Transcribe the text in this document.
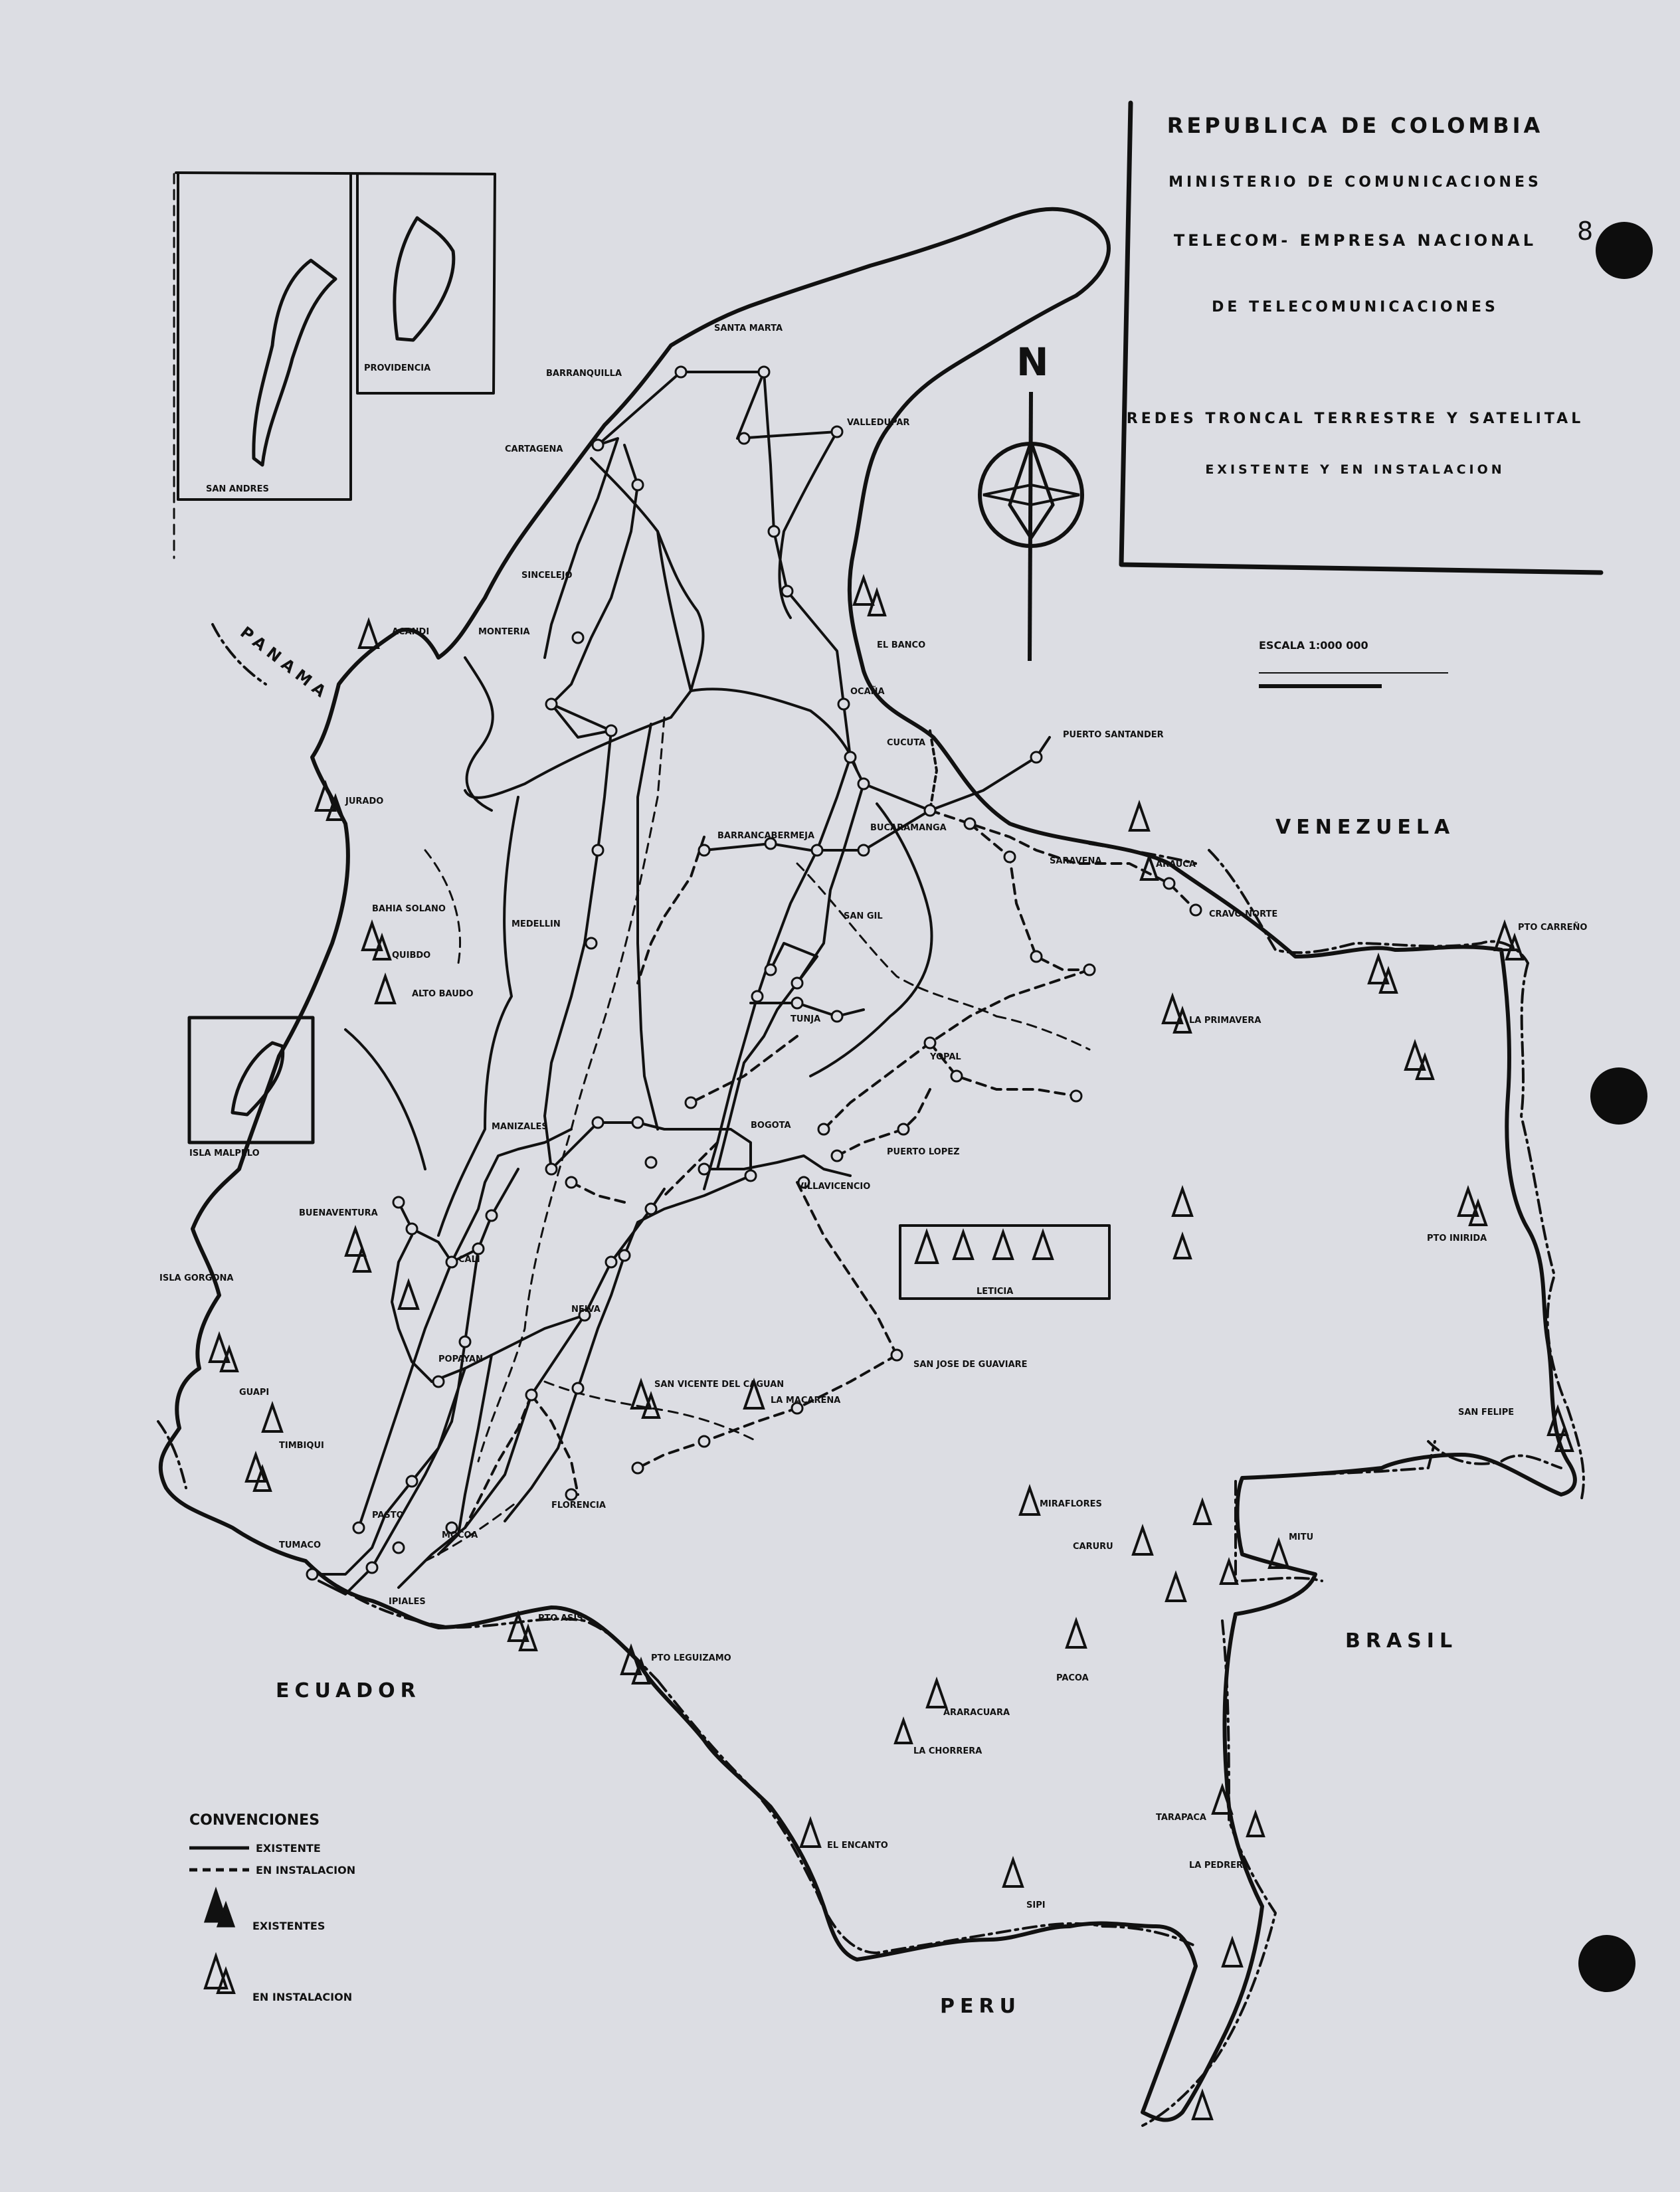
8
REPUBLICA DE COLOMBIA
MINISTERIO DE COMUNICACIONES
TELECOM- EMPRESA NACIONAL
DE TELECOMUNICACIONES
REDES TRONCAL TERRESTRE Y SATELITAL
EXISTENTE Y EN INSTALACION
N
ESCALA 1:000 000
PANAMA
VENEZUELA
ECUADOR
BRASIL
PERU
SAN ANDRES
PROVIDENCIA
ISLA MALPELO
ISLA GORGONA
LETICIA
SANTA MARTA
BARRANQUILLA
CARTAGENA
VALLEDUPAR
SINCELEJO
MONTERIA
ACANDI
EL BANCO
OCAÑA
CUCUTA
PUERTO SANTANDER
BARRANCABERMEJA
BUCARAMANGA
SARAVENA	ARAUCA
CRAVO NORTE
PTO CARREÑO
JURADO
BAHIA SOLANO
QUIBDO
ALTO BAUDO
MEDELLIN
SAN GIL
TUNJA
YOPAL
MANIZALES	BOGOTA
VILLAVICENCIO
CALI
BUENAVENTURA
POPAYAN
NEIVA
PASTO
TUMACO
IPIALES
MOCOA
FLORENCIA
SAN VICENTE DEL CAGUAN
LA MACARENA
SAN JOSE DE GUAVIARE
PUERTO LOPEZ
LA PRIMAVERA
PTO INIRIDA
SAN FELIPE
MIRAFLORES
MITU
CARURU
PACOA
PTO LEGUIZAMO
EL ENCANTO
LA CHORRERA
ARARACUARA
TARAPACA
LA PEDRERA
PTO ASIS
GUAPI
TIMBIQUI
SIPI
CONVENCIONES
EXISTENTE
EN INSTALACION
EXISTENTES
EN INSTALACION
